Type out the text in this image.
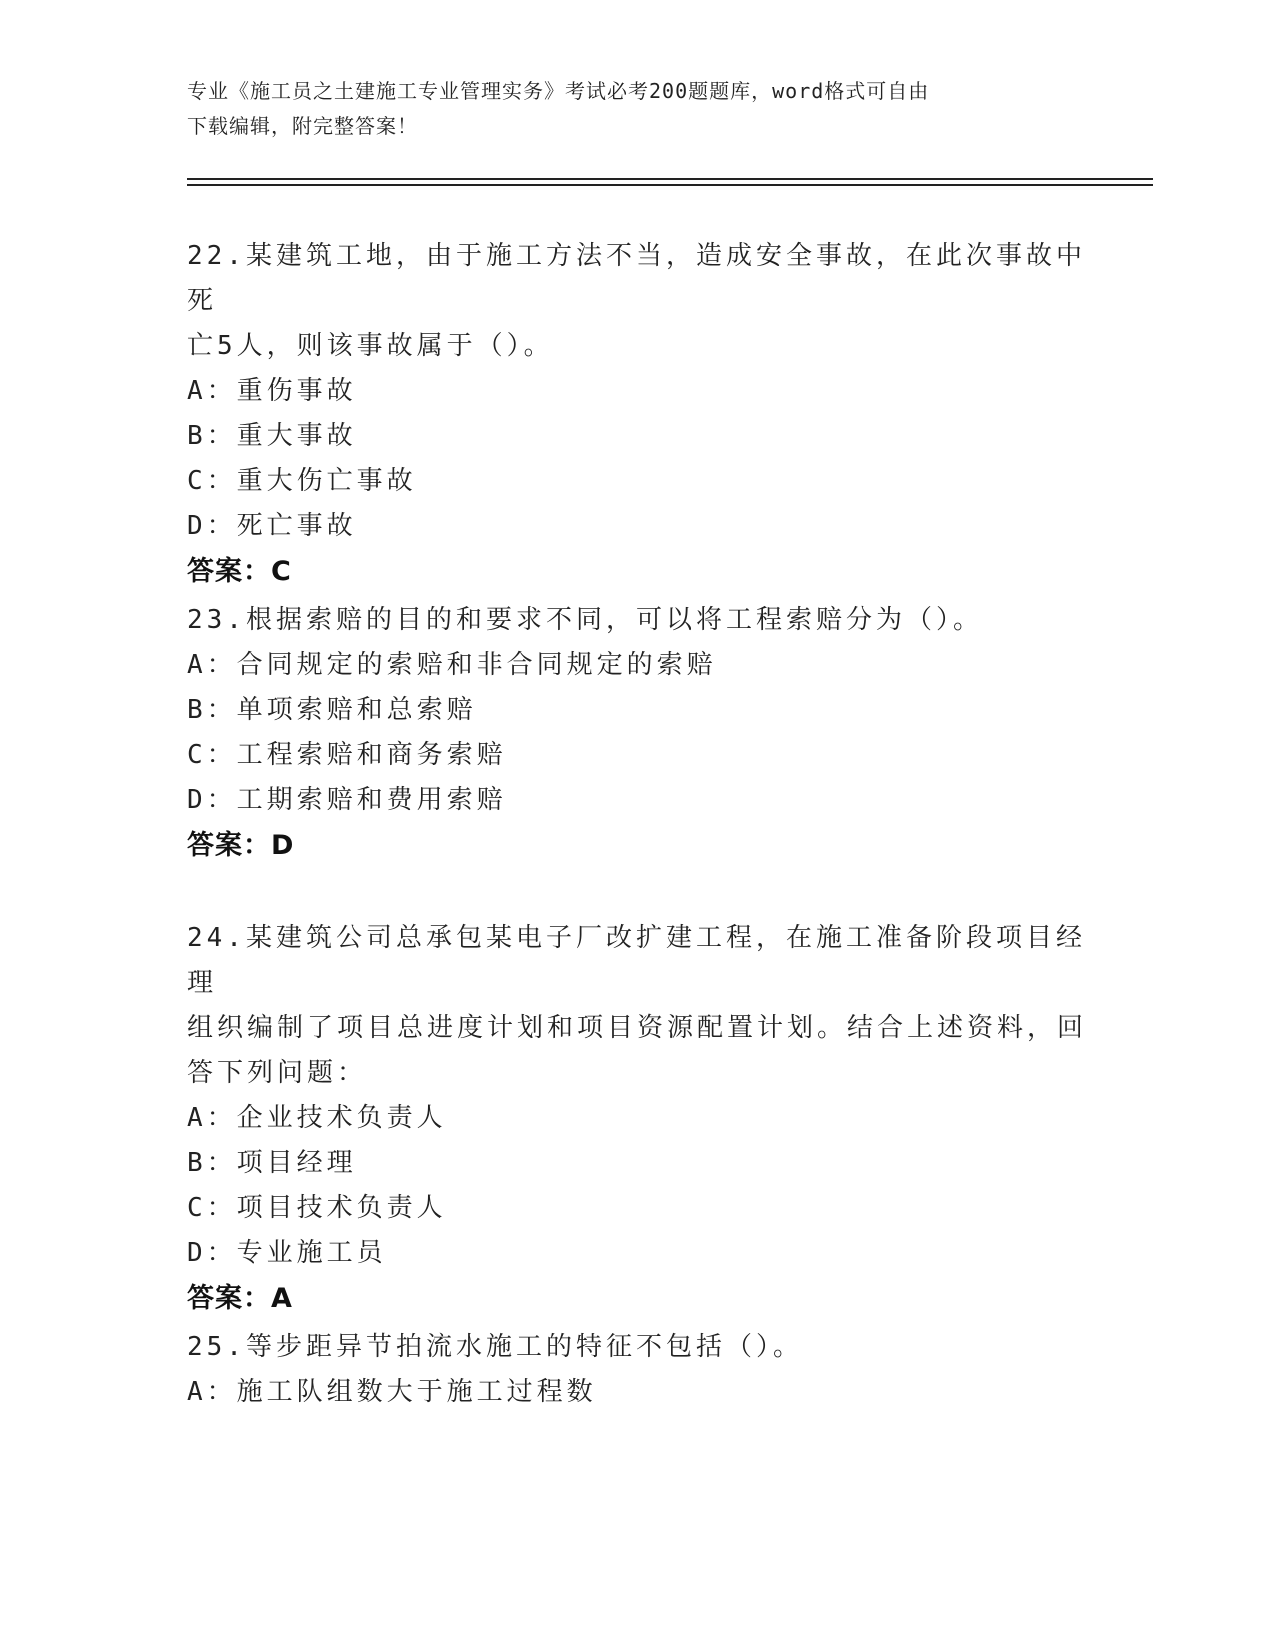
专业《施工员之土建施工专业管理实务》考试必考200题题库，word格式可自由
下载编辑，附完整答案！
22.某建筑工地，由于施工方法不当，造成安全事故，在此次事故中死
亡5人，则该事故属于（）。
A：重伤事故
B：重大事故
C：重大伤亡事故
D：死亡事故
答案：C
23.根据索赔的目的和要求不同，可以将工程索赔分为（）。
A：合同规定的索赔和非合同规定的索赔
B：单项索赔和总索赔
C：工程索赔和商务索赔
D：工期索赔和费用索赔
答案：D
24.某建筑公司总承包某电子厂改扩建工程，在施工准备阶段项目经理
组织编制了项目总进度计划和项目资源配置计划。结合上述资料，回
答下列问题：
A：企业技术负责人
B：项目经理
C：项目技术负责人
D：专业施工员
答案：A
25.等步距异节拍流水施工的特征不包括（）。
A：施工队组数大于施工过程数
